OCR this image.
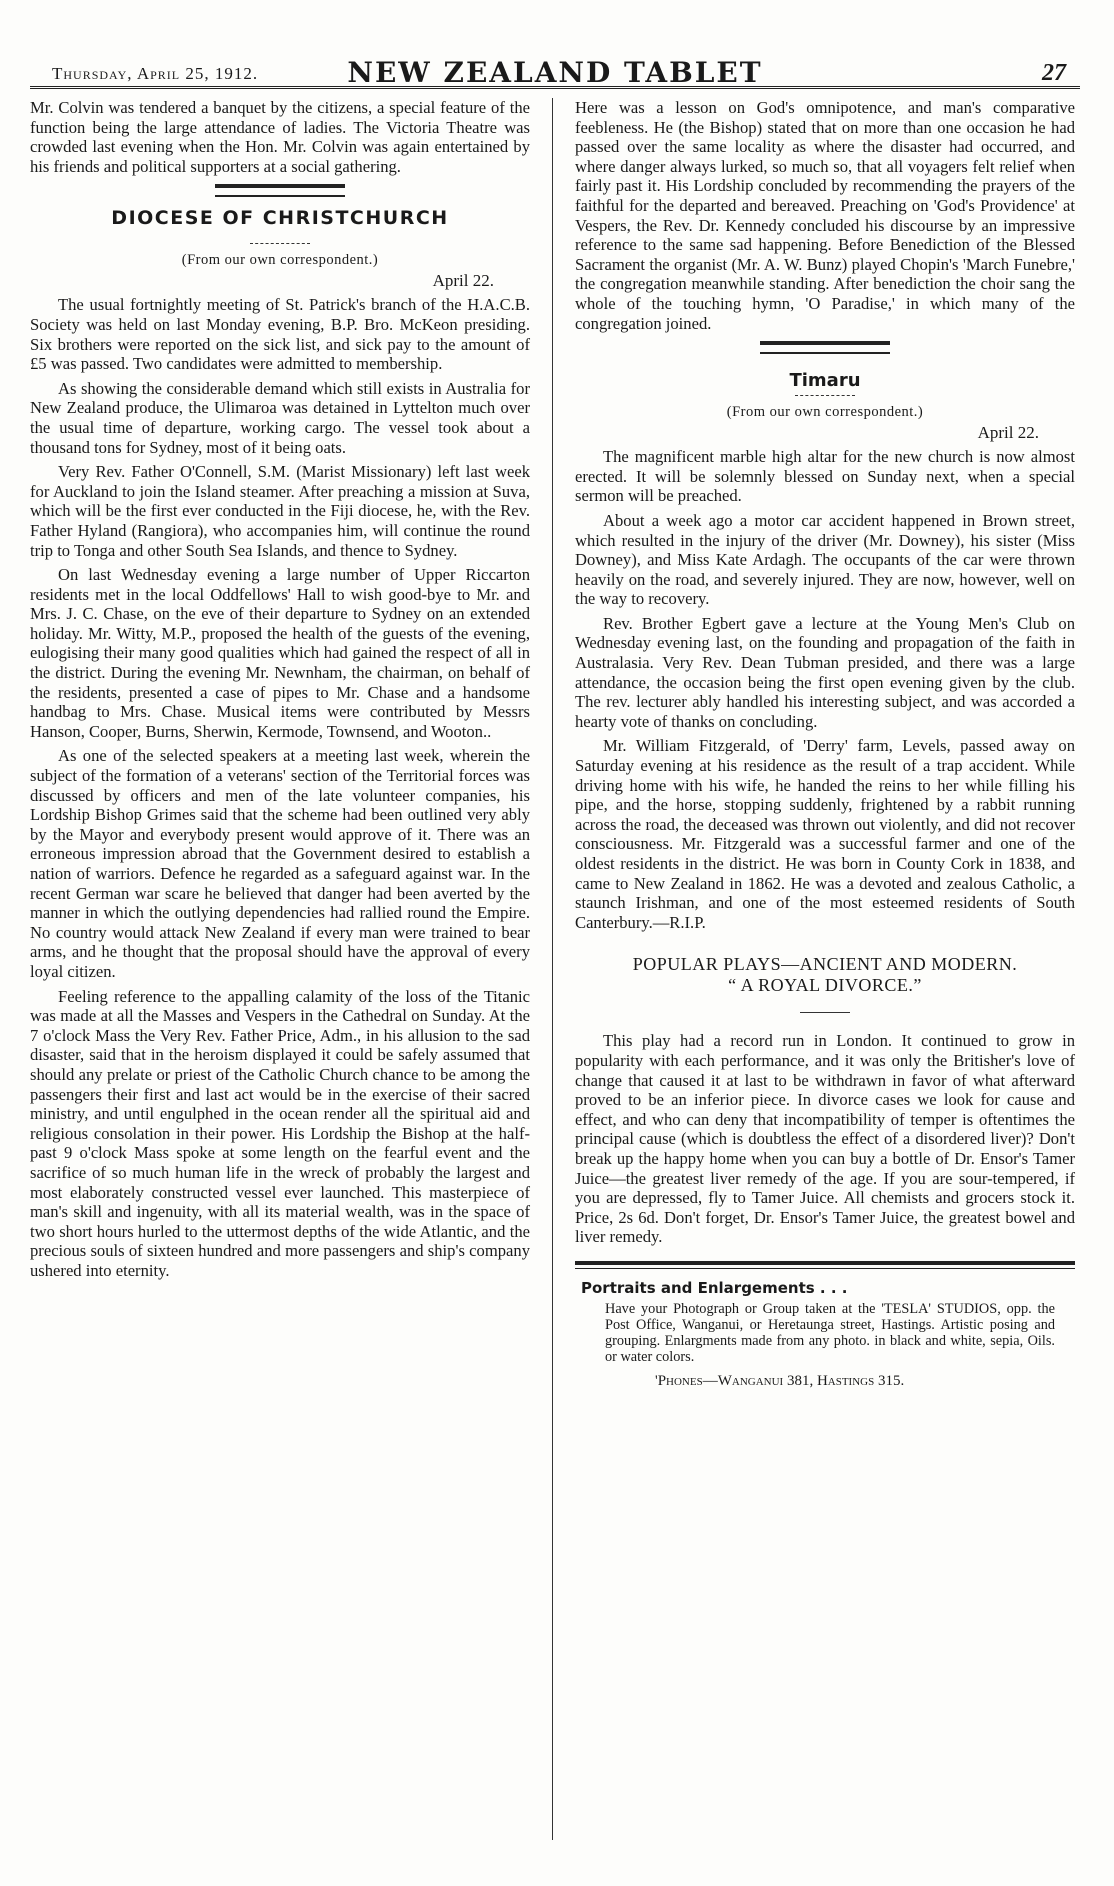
Thursday, April 25, 1912.	NEW ZEALAND TABLET	27

Mr. Colvin was tendered a banquet by the citizens, a special feature of the function being the large attendance of ladies. The Victoria Theatre was crowded last evening when the Hon. Mr. Colvin was again entertained by his friends and political supporters at a social gathering.

DIOCESE OF CHRISTCHURCH
(From our own correspondent.)
April 22.

The usual fortnightly meeting of St. Patrick's branch of the H.A.C.B. Society was held on last Monday evening, B.P. Bro. McKeon presiding. Six brothers were reported on the sick list, and sick pay to the amount of £5 was passed. Two candidates were admitted to membership.

As showing the considerable demand which still exists in Australia for New Zealand produce, the Ulimaroa was detained in Lyttelton much over the usual time of departure, working cargo. The vessel took about a thousand tons for Sydney, most of it being oats.

Very Rev. Father O'Connell, S.M. (Marist Missionary) left last week for Auckland to join the Island steamer. After preaching a mission at Suva, which will be the first ever conducted in the Fiji diocese, he, with the Rev. Father Hyland (Rangiora), who accompanies him, will continue the round trip to Tonga and other South Sea Islands, and thence to Sydney.

On last Wednesday evening a large number of Upper Riccarton residents met in the local Oddfellows' Hall to wish good-bye to Mr. and Mrs. J. C. Chase, on the eve of their departure to Sydney on an extended holiday. Mr. Witty, M.P., proposed the health of the guests of the evening, eulogising their many good qualities which had gained the respect of all in the district. During the evening Mr. Newnham, the chairman, on behalf of the residents, presented a case of pipes to Mr. Chase and a handsome handbag to Mrs. Chase. Musical items were contributed by Messrs Hanson, Cooper, Burns, Sherwin, Kermode, Townsend, and Wooton..

As one of the selected speakers at a meeting last week, wherein the subject of the formation of a veterans' section of the Territorial forces was discussed by officers and men of the late volunteer companies, his Lordship Bishop Grimes said that the scheme had been outlined very ably by the Mayor and everybody present would approve of it. There was an erroneous impression abroad that the Government desired to establish a nation of warriors. Defence he regarded as a safeguard against war. In the recent German war scare he believed that danger had been averted by the manner in which the outlying dependencies had rallied round the Empire. No country would attack New Zealand if every man were trained to bear arms, and he thought that the proposal should have the approval of every loyal citizen.

Feeling reference to the appalling calamity of the loss of the Titanic was made at all the Masses and Vespers in the Cathedral on Sunday. At the 7 o'clock Mass the Very Rev. Father Price, Adm., in his allusion to the sad disaster, said that in the heroism displayed it could be safely assumed that should any prelate or priest of the Catholic Church chance to be among the passengers their first and last act would be in the exercise of their sacred ministry, and until engulphed in the ocean render all the spiritual aid and religious consolation in their power. His Lordship the Bishop at the half-past 9 o'clock Mass spoke at some length on the fearful event and the sacrifice of so much human life in the wreck of probably the largest and most elaborately constructed vessel ever launched. This masterpiece of man's skill and ingenuity, with all its material wealth, was in the space of two short hours hurled to the uttermost depths of the wide Atlantic, and the precious souls of sixteen hundred and more passengers and ship's company ushered into eternity.

Here was a lesson on God's omnipotence, and man's comparative feebleness. He (the Bishop) stated that on more than one occasion he had passed over the same locality as where the disaster had occurred, and where danger always lurked, so much so, that all voyagers felt relief when fairly past it. His Lordship concluded by recommending the prayers of the faithful for the departed and bereaved. Preaching on 'God's Providence' at Vespers, the Rev. Dr. Kennedy concluded his discourse by an impressive reference to the same sad happening. Before Benediction of the Blessed Sacrament the organist (Mr. A. W. Bunz) played Chopin's 'March Funebre,' the congregation meanwhile standing. After benediction the choir sang the whole of the touching hymn, 'O Paradise,' in which many of the congregation joined.

Timaru
(From our own correspondent.)
April 22.

The magnificent marble high altar for the new church is now almost erected. It will be solemnly blessed on Sunday next, when a special sermon will be preached.

About a week ago a motor car accident happened in Brown street, which resulted in the injury of the driver (Mr. Downey), his sister (Miss Downey), and Miss Kate Ardagh. The occupants of the car were thrown heavily on the road, and severely injured. They are now, however, well on the way to recovery.

Rev. Brother Egbert gave a lecture at the Young Men's Club on Wednesday evening last, on the founding and propagation of the faith in Australasia. Very Rev. Dean Tubman presided, and there was a large attendance, the occasion being the first open evening given by the club. The rev. lecturer ably handled his interesting subject, and was accorded a hearty vote of thanks on concluding.

Mr. William Fitzgerald, of 'Derry' farm, Levels, passed away on Saturday evening at his residence as the result of a trap accident. While driving home with his wife, he handed the reins to her while filling his pipe, and the horse, stopping suddenly, frightened by a rabbit running across the road, the deceased was thrown out violently, and did not recover consciousness. Mr. Fitzgerald was a successful farmer and one of the oldest residents in the district. He was born in County Cork in 1838, and came to New Zealand in 1862. He was a devoted and zealous Catholic, a staunch Irishman, and one of the most esteemed residents of South Canterbury.—R.I.P.

POPULAR PLAYS—ANCIENT AND MODERN.
“ A ROYAL DIVORCE.”

This play had a record run in London. It continued to grow in popularity with each performance, and it was only the Britisher's love of change that caused it at last to be withdrawn in favor of what afterward proved to be an inferior piece. In divorce cases we look for cause and effect, and who can deny that incompatibility of temper is oftentimes the principal cause (which is doubtless the effect of a disordered liver)? Don't break up the happy home when you can buy a bottle of Dr. Ensor's Tamer Juice—the greatest liver remedy of the age. If you are sour-tempered, if you are depressed, fly to Tamer Juice. All chemists and grocers stock it. Price, 2s 6d. Don't forget, Dr. Ensor's Tamer Juice, the greatest bowel and liver remedy.

Portraits and Enlargements . . .
Have your Photograph or Group taken at the 'TESLA' STUDIOS, opp. the Post Office, Wanganui, or Heretaunga street, Hastings. Artistic posing and grouping. Enlargments made from any photo. in black and white, sepia, Oils. or water colors.
'Phones—Wanganui 381, Hastings 315.
